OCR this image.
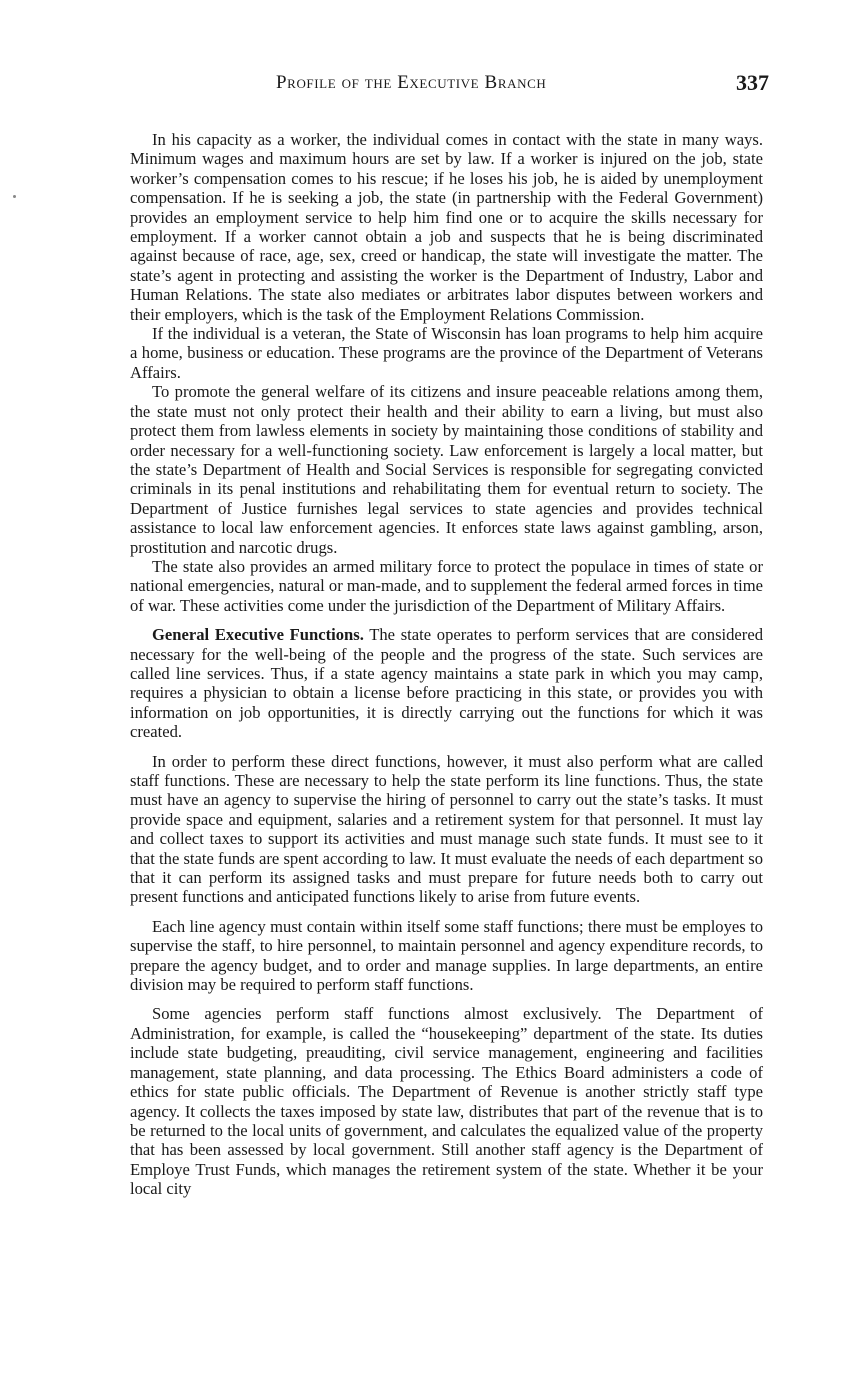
Profile of the Executive Branch	337

In his capacity as a worker, the individual comes in contact with the state in many ways. Minimum wages and maximum hours are set by law. If a worker is injured on the job, state worker’s compensation comes to his rescue; if he loses his job, he is aided by unemployment compensation. If he is seeking a job, the state (in partnership with the Federal Government) provides an employment service to help him find one or to acquire the skills necessary for employment. If a worker cannot obtain a job and suspects that he is being discriminated against because of race, age, sex, creed or handicap, the state will investigate the matter. The state’s agent in protecting and assisting the worker is the Department of Industry, Labor and Human Relations. The state also mediates or arbitrates labor disputes between workers and their employers, which is the task of the Employment Relations Commission.

If the individual is a veteran, the State of Wisconsin has loan programs to help him acquire a home, business or education. These programs are the province of the Department of Veterans Affairs.

To promote the general welfare of its citizens and insure peaceable relations among them, the state must not only protect their health and their ability to earn a living, but must also protect them from lawless elements in society by maintaining those conditions of stability and order necessary for a well-functioning society. Law enforcement is largely a local matter, but the state’s Department of Health and Social Services is responsible for segregating convicted criminals in its penal institutions and rehabilitating them for eventual return to society. The Department of Justice furnishes legal services to state agencies and provides technical assistance to local law enforcement agencies. It enforces state laws against gambling, arson, prostitution and narcotic drugs.

The state also provides an armed military force to protect the populace in times of state or national emergencies, natural or man-made, and to supplement the federal armed forces in time of war. These activities come under the jurisdiction of the Department of Military Affairs.

General Executive Functions. The state operates to perform services that are considered necessary for the well-being of the people and the progress of the state. Such services are called line services. Thus, if a state agency maintains a state park in which you may camp, requires a physician to obtain a license before practicing in this state, or provides you with information on job opportunities, it is directly carrying out the functions for which it was created.

In order to perform these direct functions, however, it must also perform what are called staff functions. These are necessary to help the state perform its line functions. Thus, the state must have an agency to supervise the hiring of personnel to carry out the state’s tasks. It must provide space and equipment, salaries and a retirement system for that personnel. It must lay and collect taxes to support its activities and must manage such state funds. It must see to it that the state funds are spent according to law. It must evaluate the needs of each department so that it can perform its assigned tasks and must prepare for future needs both to carry out present functions and anticipated functions likely to arise from future events.

Each line agency must contain within itself some staff functions; there must be employes to supervise the staff, to hire personnel, to maintain personnel and agency expenditure records, to prepare the agency budget, and to order and manage supplies. In large departments, an entire division may be required to perform staff functions.

Some agencies perform staff functions almost exclusively. The Department of Administration, for example, is called the “housekeeping” department of the state. Its duties include state budgeting, preauditing, civil service management, engineering and facilities management, state planning, and data processing. The Ethics Board administers a code of ethics for state public officials. The Department of Revenue is another strictly staff type agency. It collects the taxes imposed by state law, distributes that part of the revenue that is to be returned to the local units of government, and calculates the equalized value of the property that has been assessed by local government. Still another staff agency is the Department of Employe Trust Funds, which manages the retirement system of the state. Whether it be your local city
